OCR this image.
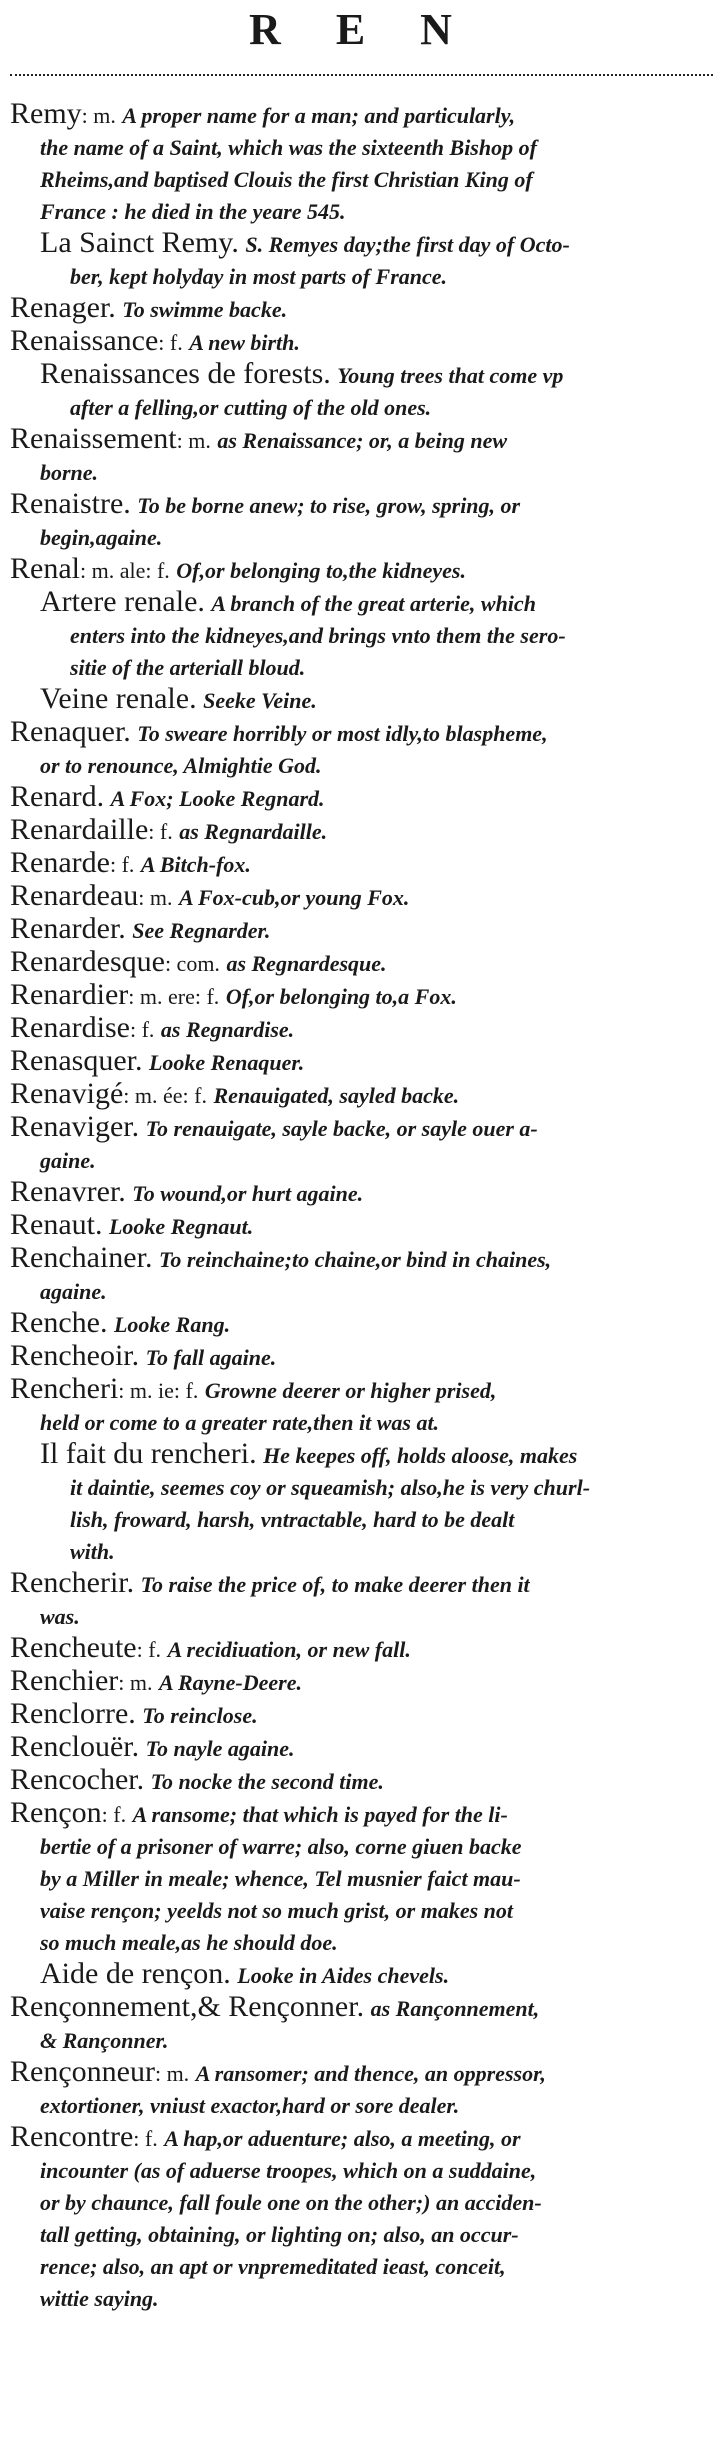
R E N
Remy: m. A proper name for a man; and particularly,
the name of a Saint, which was the sixteenth Bishop of
Rheims,and baptised Clouis the first Christian King of
France : he died in the yeare 545.
La Sainct Remy. S. Remyes day;the first day of Octo-
ber, kept holyday in most parts of France.
Renager. To swimme backe.
Renaissance: f. A new birth.
Renaissances de forests. Young trees that come vp
after a felling,or cutting of the old ones.
Renaissement: m. as Renaissance; or, a being new
borne.
Renaistre. To be borne anew; to rise, grow, spring, or
begin,againe.
Renal: m. ale: f. Of,or belonging to,the kidneyes.
Artere renale. A branch of the great arterie, which
enters into the kidneyes,and brings vnto them the sero-
sitie of the arteriall bloud.
Veine renale. Seeke Veine.
Renaquer. To sweare horribly or most idly,to blaspheme,
or to renounce, Almightie God.
Renard. A Fox; Looke Regnard.
Renardaille: f. as Regnardaille.
Renarde: f. A Bitch-fox.
Renardeau: m. A Fox-cub,or young Fox.
Renarder. See Regnarder.
Renardesque: com. as Regnardesque.
Renardier: m. ere: f. Of,or belonging to,a Fox.
Renardise: f. as Regnardise.
Renasquer. Looke Renaquer.
Renavigé: m. ée: f. Renauigated, sayled backe.
Renaviger. To renauigate, sayle backe, or sayle ouer a-
gaine.
Renavrer. To wound,or hurt againe.
Renaut. Looke Regnaut.
Renchainer. To reinchaine;to chaine,or bind in chaines,
againe.
Renche. Looke Rang.
Rencheoir. To fall againe.
Rencheri: m. ie: f. Growne deerer or higher prised,
held or come to a greater rate,then it was at.
Il fait du rencheri. He keepes off, holds aloose, makes
it daintie, seemes coy or squeamish; also,he is very churl-
lish, froward, harsh, vntractable, hard to be dealt
with.
Rencherir. To raise the price of, to make deerer then it
was.
Rencheute: f. A recidiuation, or new fall.
Renchier: m. A Rayne-Deere.
Renclorre. To reinclose.
Renclouër. To nayle againe.
Rencocher. To nocke the second time.
Rençon: f. A ransome; that which is payed for the li-
bertie of a prisoner of warre; also, corne giuen backe
by a Miller in meale; whence, Tel musnier faict mau-
vaise rençon; yeelds not so much grist, or makes not
so much meale,as he should doe.
Aide de rençon. Looke in Aides chevels.
Rençonnement,& Rençonner. as Rançonnement,
& Rançonner.
Rençonneur: m. A ransomer; and thence, an oppressor,
extortioner, vniust exactor,hard or sore dealer.
Rencontre: f. A hap,or aduenture; also, a meeting, or
incounter (as of aduerse troopes, which on a suddaine,
or by chaunce, fall foule one on the other;) an acciden-
tall getting, obtaining, or lighting on; also, an occur-
rence; also, an apt or vnpremeditated ieast, conceit,
wittie saying.
